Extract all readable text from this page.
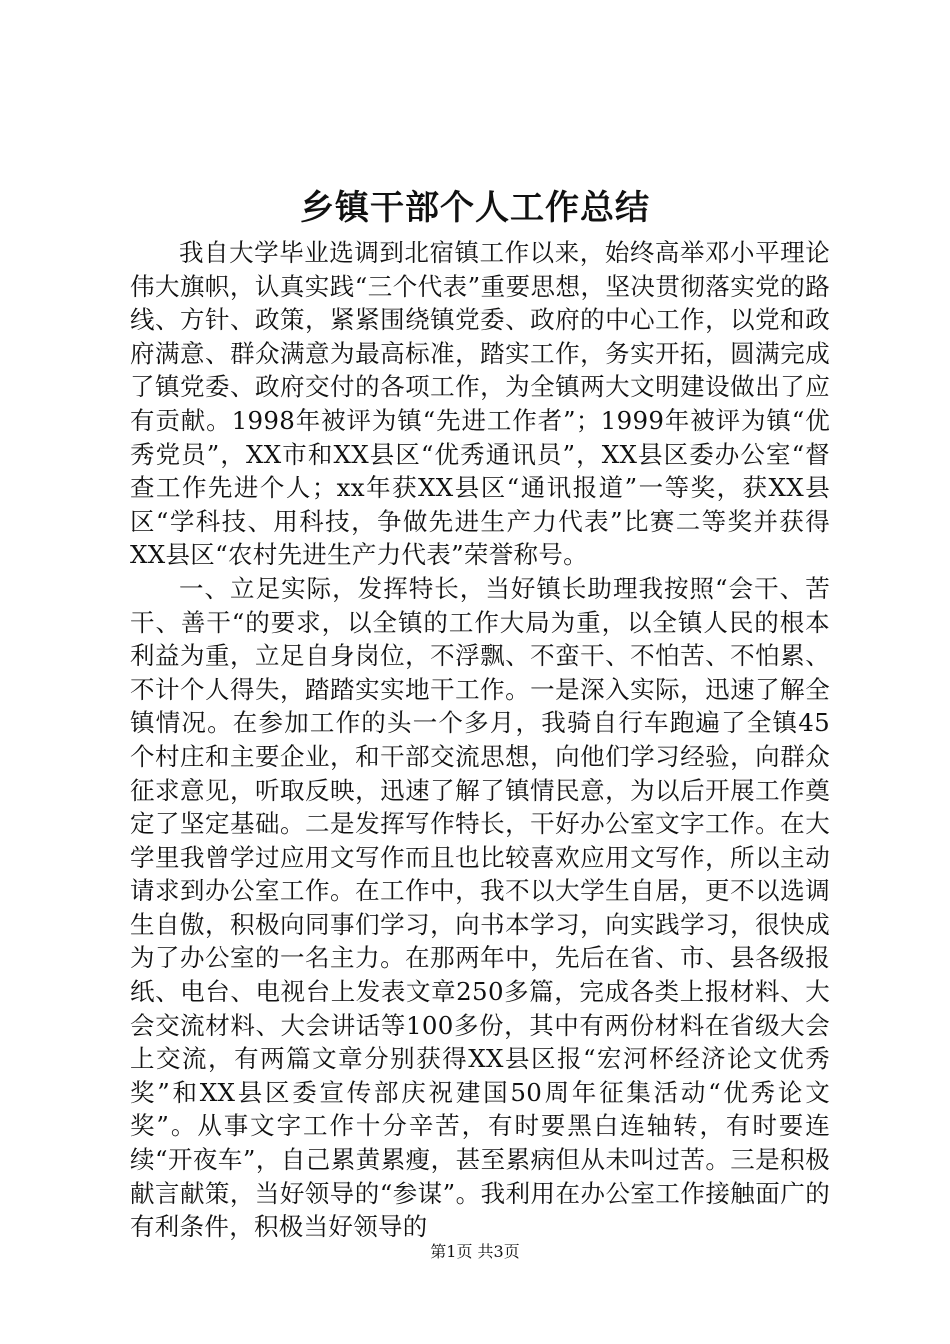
乡镇干部个人工作总结

我自大学毕业选调到北宿镇工作以来，始终高举邓小平理论伟大旗帜，认真实践“三个代表”重要思想，坚决贯彻落实党的路线、方针、政策，紧紧围绕镇党委、政府的中心工作，以党和政府满意、群众满意为最高标准，踏实工作，务实开拓，圆满完成了镇党委、政府交付的各项工作，为全镇两大文明建设做出了应有贡献。1998年被评为镇“先进工作者”；1999年被评为镇“优秀党员”，XX市和XX县区“优秀通讯员”，XX县区委办公室“督查工作先进个人；xx年获XX县区“通讯报道”一等奖，获XX县区“学科技、用科技，争做先进生产力代表”比赛二等奖并获得XX县区“农村先进生产力代表”荣誉称号。

一、立足实际，发挥特长，当好镇长助理我按照“会干、苦干、善干“的要求，以全镇的工作大局为重，以全镇人民的根本利益为重，立足自身岗位，不浮飘、不蛮干、不怕苦、不怕累、不计个人得失，踏踏实实地干工作。一是深入实际，迅速了解全镇情况。在参加工作的头一个多月，我骑自行车跑遍了全镇45个村庄和主要企业，和干部交流思想，向他们学习经验，向群众征求意见，听取反映，迅速了解了镇情民意，为以后开展工作奠定了坚定基础。二是发挥写作特长，干好办公室文字工作。在大学里我曾学过应用文写作而且也比较喜欢应用文写作，所以主动请求到办公室工作。在工作中，我不以大学生自居，更不以选调生自傲，积极向同事们学习，向书本学习，向实践学习，很快成为了办公室的一名主力。在那两年中，先后在省、市、县各级报纸、电台、电视台上发表文章250多篇，完成各类上报材料、大会交流材料、大会讲话等100多份，其中有两份材料在省级大会上交流，有两篇文章分别获得XX县区报“宏河杯经济论文优秀奖”和XX县区委宣传部庆祝建国50周年征集活动“优秀论文奖”。从事文字工作十分辛苦，有时要黑白连轴转，有时要连续“开夜车”，自己累黄累瘦，甚至累病但从未叫过苦。三是积极献言献策，当好领导的“参谋”。我利用在办公室工作接触面广的有利条件，积极当好领导的

第1页 共3页
